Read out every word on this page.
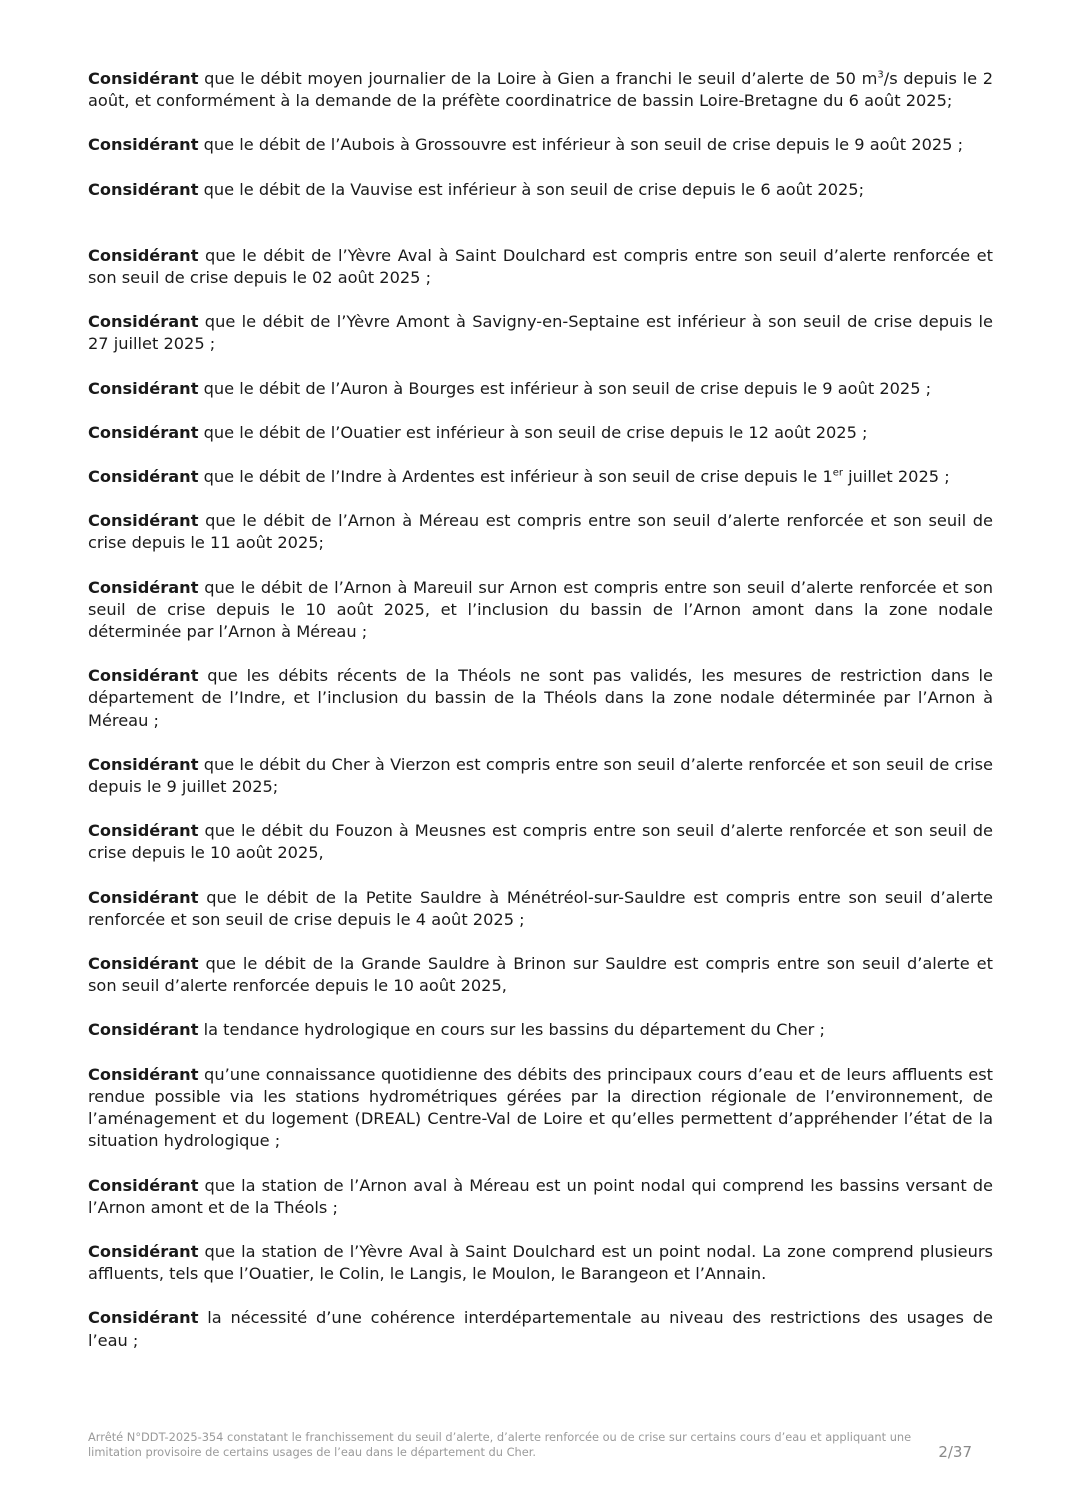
Considérant que le débit moyen journalier de la Loire à Gien a franchi le seuil d’alerte de 50 $m^3/s$ depuis le 2 août, et conformément à la demande de la préfète coordinatrice de bassin Loire-Bretagne du 6 août 2025;

Considérant que le débit de l’Aubois à Grossouvre est inférieur à son seuil de crise depuis le 9 août 2025 ;

Considérant que le débit de la Vauvise est inférieur à son seuil de crise depuis le 6 août 2025;

Considérant que le débit de l’Yèvre Aval à Saint Doulchard est compris entre son seuil d’alerte renforcée et son seuil de crise depuis le 02 août 2025 ;

Considérant que le débit de l’Yèvre Amont à Savigny-en-Septaine est inférieur à son seuil de crise depuis le 27 juillet 2025 ;

Considérant que le débit de l’Auron à Bourges est inférieur à son seuil de crise depuis le 9 août 2025 ;

Considérant que le débit de l’Ouatier est inférieur à son seuil de crise depuis le 12 août 2025 ;

Considérant que le débit de l’Indre à Ardentes est inférieur à son seuil de crise depuis le 1er juillet 2025 ;

Considérant que le débit de l’Arnon à Méreau est compris entre son seuil d’alerte renforcée et son seuil de crise depuis le 11 août 2025;

Considérant que le débit de l’Arnon à Mareuil sur Arnon est compris entre son seuil d’alerte renforcée et son seuil de crise depuis le 10 août 2025, et l’inclusion du bassin de l’Arnon amont dans la zone nodale déterminée par l’Arnon à Méreau ;

Considérant que les débits récents de la Théols ne sont pas validés, les mesures de restriction dans le département de l’Indre, et l’inclusion du bassin de la Théols dans la zone nodale déterminée par l’Arnon à Méreau ;

Considérant que le débit du Cher à Vierzon est compris entre son seuil d’alerte renforcée et son seuil de crise depuis le 9 juillet 2025;

Considérant que le débit du Fouzon à Meusnes est compris entre son seuil d’alerte renforcée et son seuil de crise depuis le 10 août 2025,

Considérant que le débit de la Petite Sauldre à Ménétréol-sur-Sauldre est compris entre son seuil d’alerte renforcée et son seuil de crise depuis le 4 août 2025 ;

Considérant que le débit de la Grande Sauldre à Brinon sur Sauldre est compris entre son seuil d’alerte et son seuil d’alerte renforcée depuis le 10 août 2025,

Considérant la tendance hydrologique en cours sur les bassins du département du Cher ;

Considérant qu’une connaissance quotidienne des débits des principaux cours d’eau et de leurs affluents est rendue possible via les stations hydrométriques gérées par la direction régionale de l’environnement, de l’aménagement et du logement (DREAL) Centre-Val de Loire et qu’elles permettent d’appréhender l’état de la situation hydrologique ;

Considérant que la station de l’Arnon aval à Méreau est un point nodal qui comprend les bassins versant de l’Arnon amont et de la Théols ;

Considérant que la station de l’Yèvre Aval à Saint Doulchard est un point nodal. La zone comprend plusieurs affluents, tels que l’Ouatier, le Colin, le Langis, le Moulon, le Barangeon et l’Annain.

Considérant la nécessité d’une cohérence interdépartementale au niveau des restrictions des usages de l’eau ;

Arrêté N°DDT-2025-354 constatant le franchissement du seuil d’alerte, d’alerte renforcée ou de crise sur certains cours d’eau et appliquant une
limitation provisoire de certains usages de l’eau dans le département du Cher.	2/37
